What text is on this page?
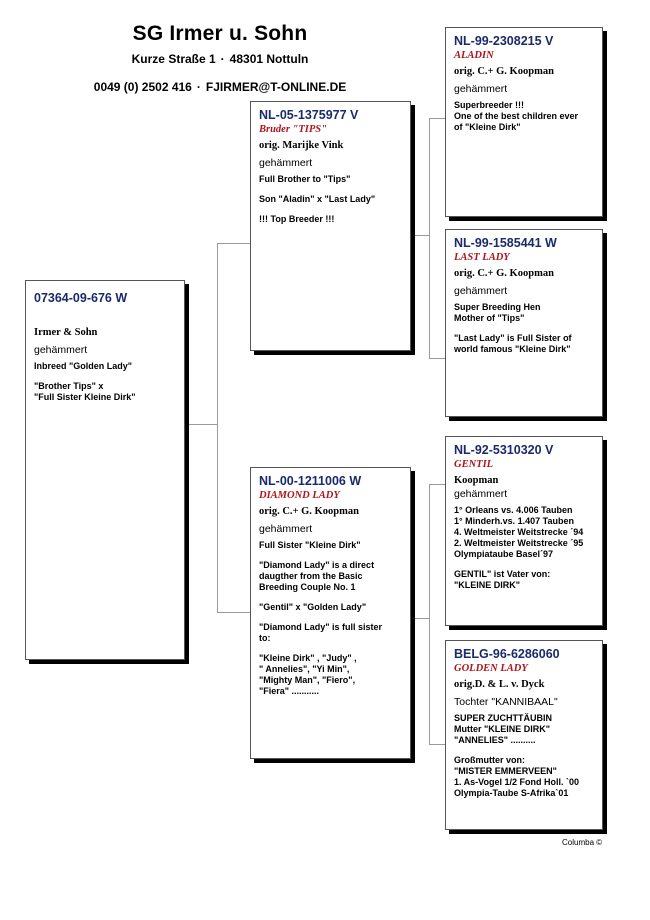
SG Irmer u. Sohn
Kurze Straße 1 · 48301 Nottuln
0049 (0) 2502 416 · FJIRMER@T-ONLINE.DE
07364-09-676 W
Irmer & Sohn
gehämmert
Inbreed "Golden Lady"
"Brother Tips" x
"Full Sister Kleine Dirk"
NL-05-1375977 V
Bruder "TIPS"
orig. Marijke Vink
gehämmert
Full Brother to "Tips"
Son "Aladin" x "Last Lady"
!!! Top Breeder !!!
NL-00-1211006 W
DIAMOND LADY
orig. C.+ G. Koopman
gehämmert
Full Sister "Kleine Dirk"
"Diamond Lady" is a direct
daugther from the Basic
Breeding Couple No. 1
"Gentil" x "Golden Lady"
"Diamond Lady" is full sister
to:
"Kleine Dirk" , "Judy" ,
" Annelies", "Yi Min",
"Mighty Man", "Fiero",
"Fiera" ...........
NL-99-2308215 V
ALADIN
orig. C.+ G. Koopman
gehämmert
Superbreeder !!!
One of the best children ever
of "Kleine Dirk"
NL-99-1585441 W
LAST LADY
orig. C.+ G. Koopman
gehämmert
Super Breeding Hen
Mother of "Tips"
"Last Lady" is Full Sister of
world famous "Kleine Dirk"
NL-92-5310320 V
GENTIL
Koopman
gehämmert
1° Orleans vs. 4.006 Tauben
1° Minderh.vs. 1.407 Tauben
4. Weltmeister Weitstrecke ´94
2. Weltmeister Weitstrecke ´95
Olympiataube Basel´97
GENTIL" ist Vater von:
"KLEINE DIRK"
BELG-96-6286060
GOLDEN LADY
orig.D. & L. v. Dyck
Tochter "KANNIBAAL"
SUPER ZUCHTTÄUBIN
Mutter "KLEINE DIRK"
"ANNELIES" ..........
Großmutter von:
"MISTER EMMERVEEN"
1. As-Vogel 1/2 Fond Holl. `00
Olympia-Taube S-Afrika`01
Columba ©
